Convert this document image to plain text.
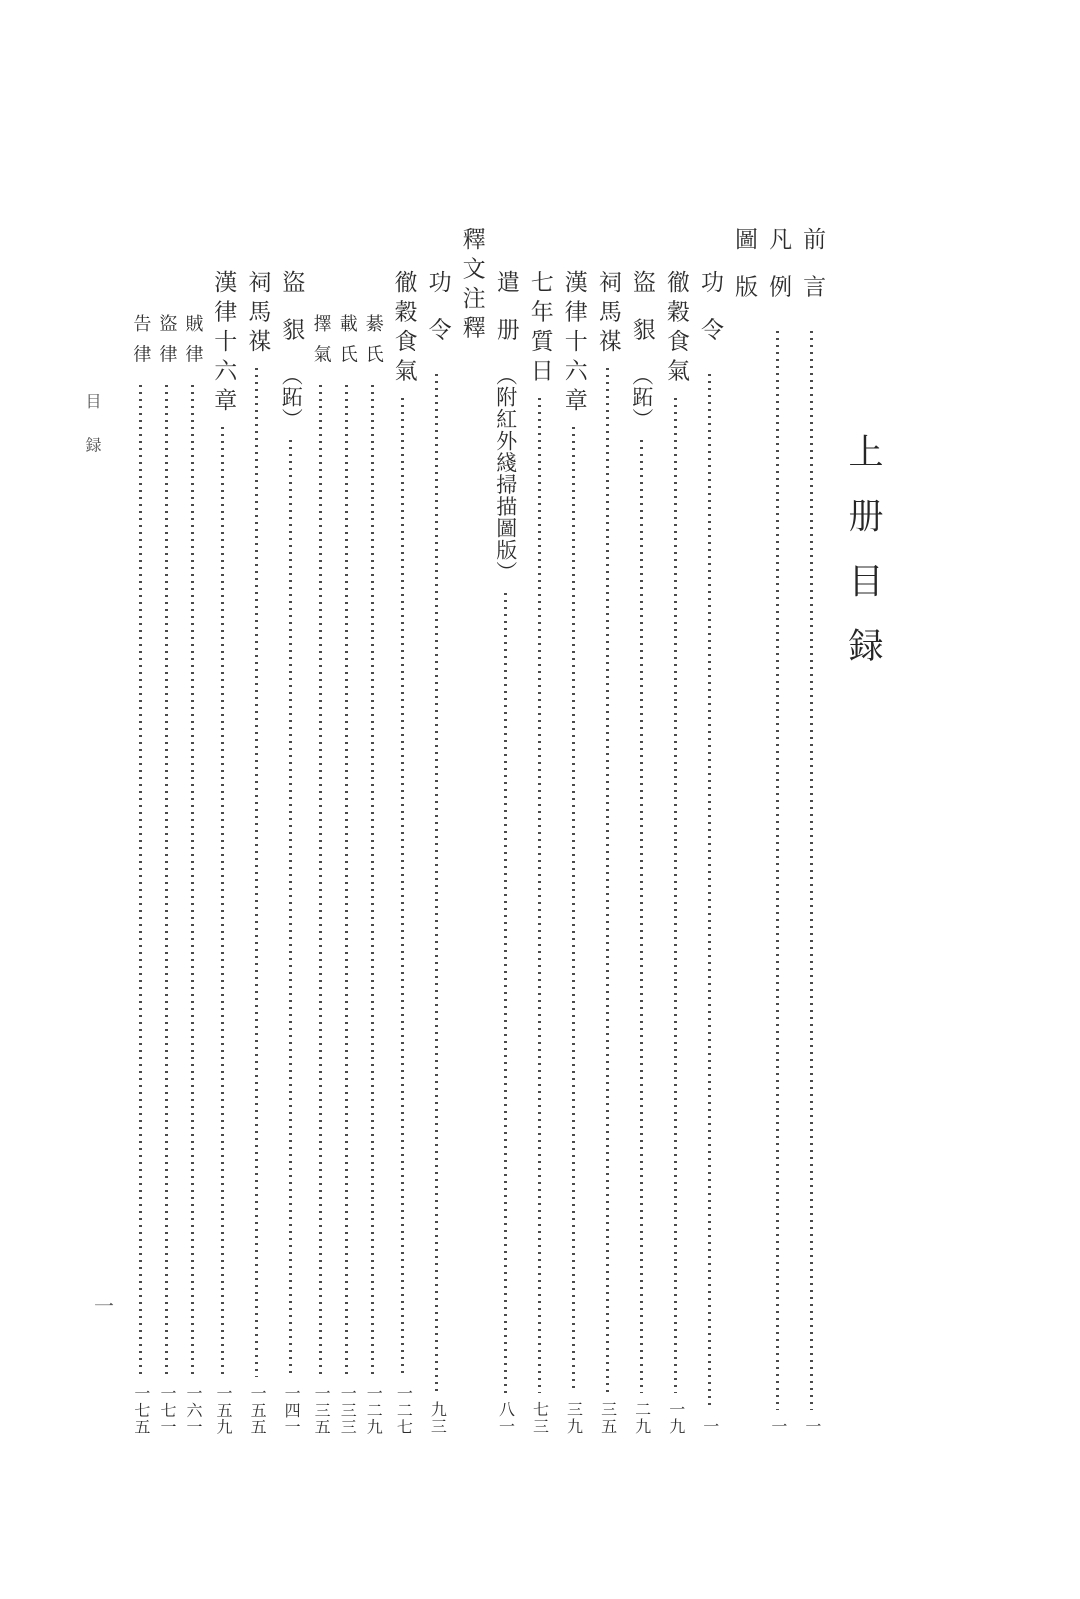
上册目録
前言
一
凡例
一
圖版
功令
一
徹穀食氣
一九
盜貇（跖）
二九
祠馬禖
三五
漢律十六章
三九
七年質日
七三
遣册（附紅外綫掃描圖版）
八一
釋文注釋
功令
九三
徹穀食氣
一二七
綦氏
一二九
載氏
一三三
擇氣
一三五
盜貇（跖）
一四一
祠馬禖
一五五
漢律十六章
一五九
賊律
一六一
盜律
一七一
告律
一七五
目録
一
